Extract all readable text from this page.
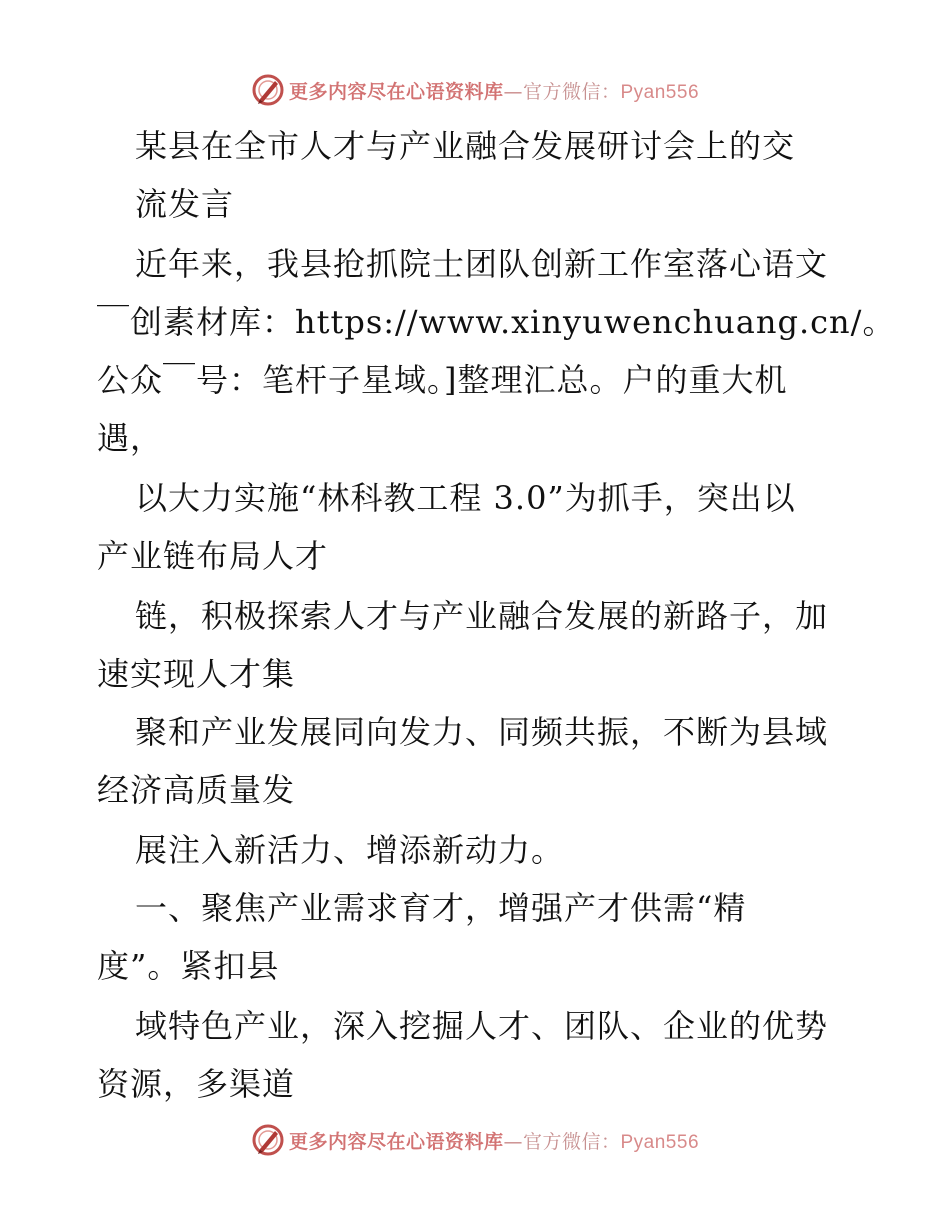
更多内容尽在心语资料库—官方微信：Pyan556
某县在全市人才与产业融合发展研讨会上的交
流发言
近年来，我县抢抓院士团队创新工作室落心语文
￣创素材库：https://www.xinyuwenchuang.cn/。
公众￣号：笔杆子星域。]整理汇总。户的重大机
遇，
以大力实施“林科教工程 3.0”为抓手，突出以
产业链布局人才
链，积极探索人才与产业融合发展的新路子，加
速实现人才集
聚和产业发展同向发力、同频共振，不断为县域
经济高质量发
展注入新活力、增添新动力。
一、聚焦产业需求育才，增强产才供需“精
度”。紧扣县
域特色产业，深入挖掘人才、团队、企业的优势
资源，多渠道
更多内容尽在心语资料库—官方微信：Pyan556
